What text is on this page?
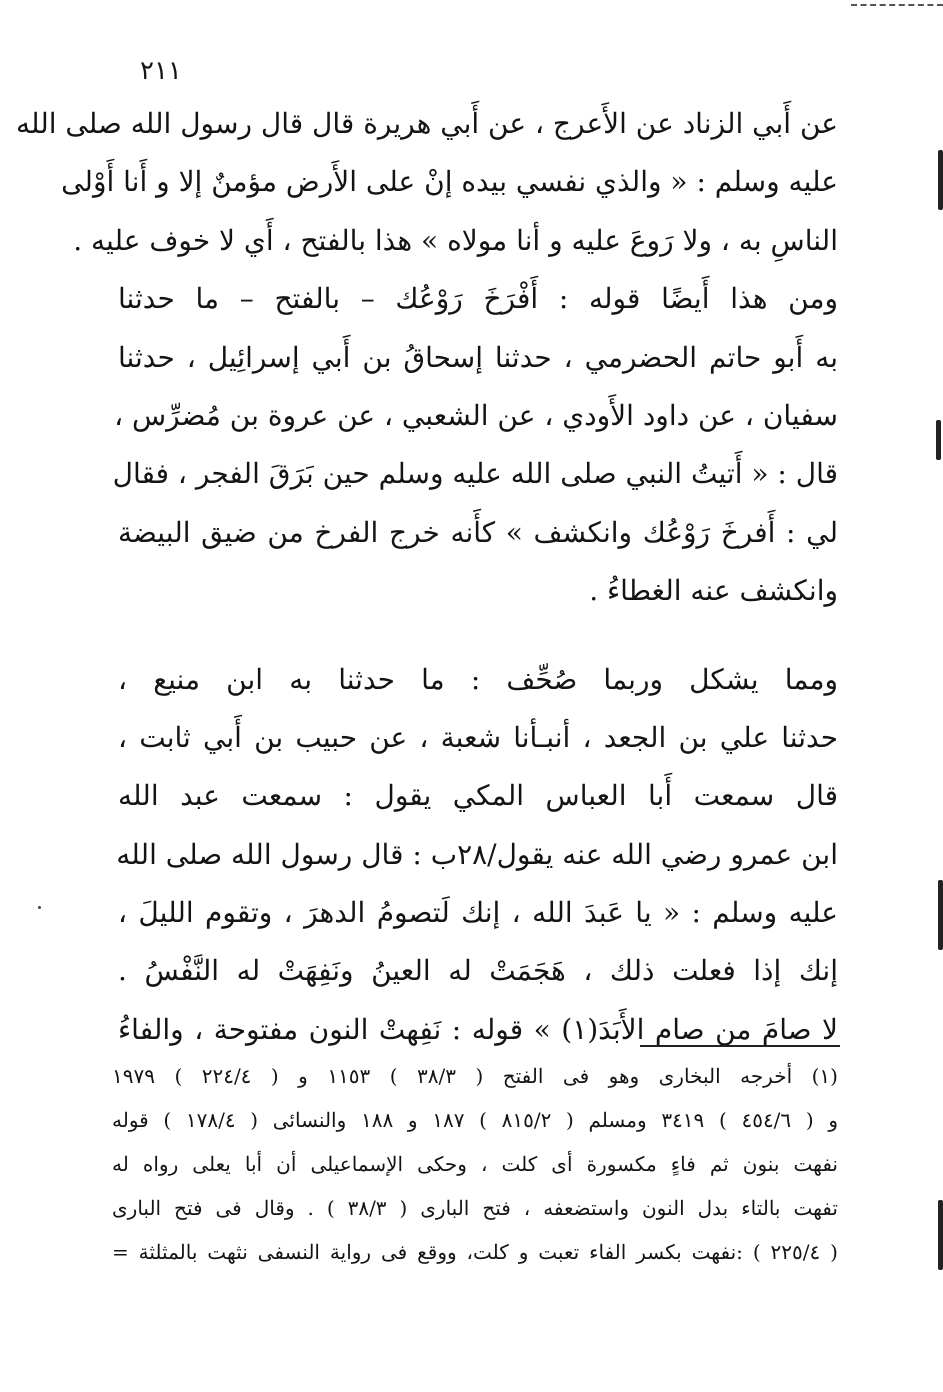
٢١١
عن أَبي الزناد عن الأَعرج ، عن أَبي هريرة قال قال رسول الله صلى الله
عليه وسلم : « والذي نفسي بيده إنْ على الأَرض مؤمنٌ إلا و أَنا أَوْلى
الناسِ به ، ولا رَوعَ عليه و أنا مولاه » هذا بالفتح ، أَي لا خوف عليه .
ومن هذا أَيضًا قوله : أَفْرَخَ رَوْعُك – بالفتح – ما حدثنا
به أَبو حاتم الحضرمي ، حدثنا إسحاقُ بن أَبي إسرائِيل ، حدثنا
سفيان ، عن داود الأَودي ، عن الشعبي ، عن عروة بن مُضرِّس ،
قال : « أَتيتُ النبي صلى الله عليه وسلم حين بَرَقَ الفجر ، فقال
لي : أَفرخَ رَوْعُك وانكشف » كأَنه خرج الفرخ من ضيق البيضة
وانكشف عنه الغطاءُ .
ومما يشكل وربما صُحِّف : ما حدثنا به ابن منيع ،
حدثنا علي بن الجعد ، أنبـأنا شعبة ، عن حبيب بن أَبي ثابت ،
قال سمعت أَبا العباس المكي يقول : سمعت عبد الله
ابن عمرو رضي الله عنه يقول/٢٨ب : قال رسول الله صلى الله
عليه وسلم : « يا عَبدَ الله ، إنك لَتصومُ الدهرَ ، وتقوم الليلَ ،
إنك إذا فعلت ذلك ، هَجَمَتْ له العينُ ونَفِهَتْ له النَّفْسُ .
لا صامَ من صام الأَبَدَ(١) » قوله : نَفِهتْ النون مفتوحة ، والفاءُ
(١) أخرجه البخارى وهو فى الفتح ( ٣٨/٣ ) ١١٥٣ و ( ٢٢٤/٤ ) ١٩٧٩
و ( ٤٥٤/٦ ) ٣٤١٩ ومسلم ( ٨١٥/٢ ) ١٨٧ و ١٨٨ والنسائى ( ١٧٨/٤ ) قوله
نفهت بنون ثم فاءٍ مكسورة أى كلت ، وحكى الإسماعيلى أن أبا يعلى رواه له
تفهت بالتاء بدل النون واستضعفه ، فتح البارى ( ٣٨/٣ ) . وقال فى فتح البارى
( ٢٢٥/٤ ) :نفهت بكسر الفاء تعبت و كلت، ووقع فى رواية النسفى نثهت بالمثلثة =
